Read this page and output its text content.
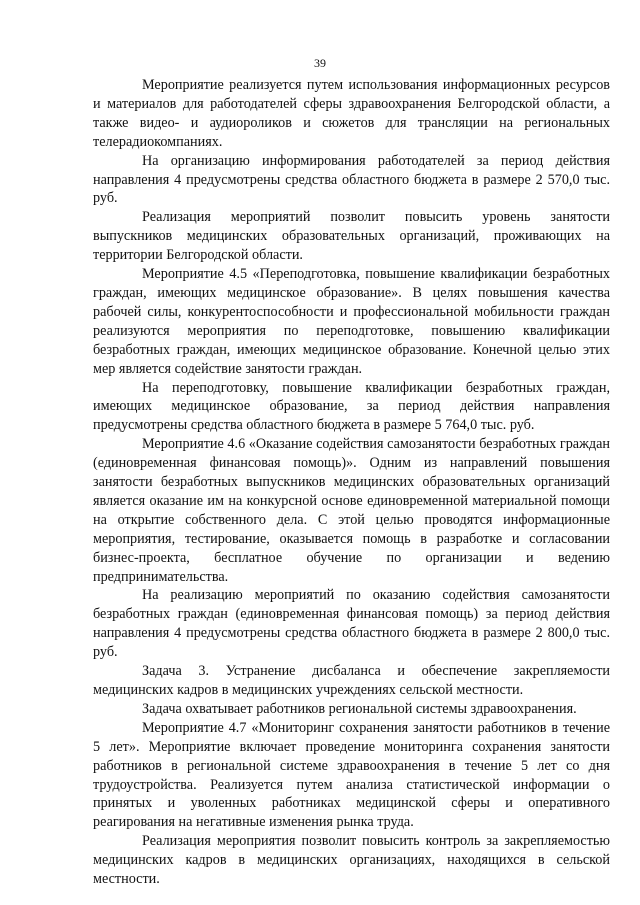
39

Мероприятие реализуется путем использования информационных ресурсов и материалов для работодателей сферы здравоохранения Белгородской области, а также видео- и аудиороликов и сюжетов для трансляции на региональных телерадиокомпаниях.

На организацию информирования работодателей за период действия направления 4 предусмотрены средства областного бюджета в размере 2 570,0 тыс. руб.

Реализация мероприятий позволит повысить уровень занятости выпускников медицинских образовательных организаций, проживающих на территории Белгородской области.

Мероприятие 4.5 «Переподготовка, повышение квалификации безработных граждан, имеющих медицинское образование». В целях повышения качества рабочей силы, конкурентоспособности и профессиональной мобильности граждан реализуются мероприятия по переподготовке, повышению квалификации безработных граждан, имеющих медицинское образование. Конечной целью этих мер является содействие занятости граждан.

На переподготовку, повышение квалификации безработных граждан, имеющих медицинское образование, за период действия направления предусмотрены средства областного бюджета в размере 5 764,0 тыс. руб.

Мероприятие 4.6 «Оказание содействия самозанятости безработных граждан (единовременная финансовая помощь)». Одним из направлений повышения занятости безработных выпускников медицинских образовательных организаций является оказание им на конкурсной основе единовременной материальной помощи на открытие собственного дела. С этой целью проводятся информационные мероприятия, тестирование, оказывается помощь в разработке и согласовании бизнес-проекта, бесплатное обучение по организации и ведению предпринимательства.

На реализацию мероприятий по оказанию содействия самозанятости безработных граждан (единовременная финансовая помощь) за период действия направления 4 предусмотрены средства областного бюджета в размере 2 800,0 тыс. руб.

Задача 3. Устранение дисбаланса и обеспечение закрепляемости медицинских кадров в медицинских учреждениях сельской местности.

Задача охватывает работников региональной системы здравоохранения.

Мероприятие 4.7 «Мониторинг сохранения занятости работников в течение 5 лет». Мероприятие включает проведение мониторинга сохранения занятости работников в региональной системе здравоохранения в течение 5 лет со дня трудоустройства. Реализуется путем анализа статистической информации о принятых и уволенных работниках медицинской сферы и оперативного реагирования на негативные изменения рынка труда.

Реализация мероприятия позволит повысить контроль за закрепляемостью медицинских кадров в медицинских организациях, находящихся в сельской местности.
